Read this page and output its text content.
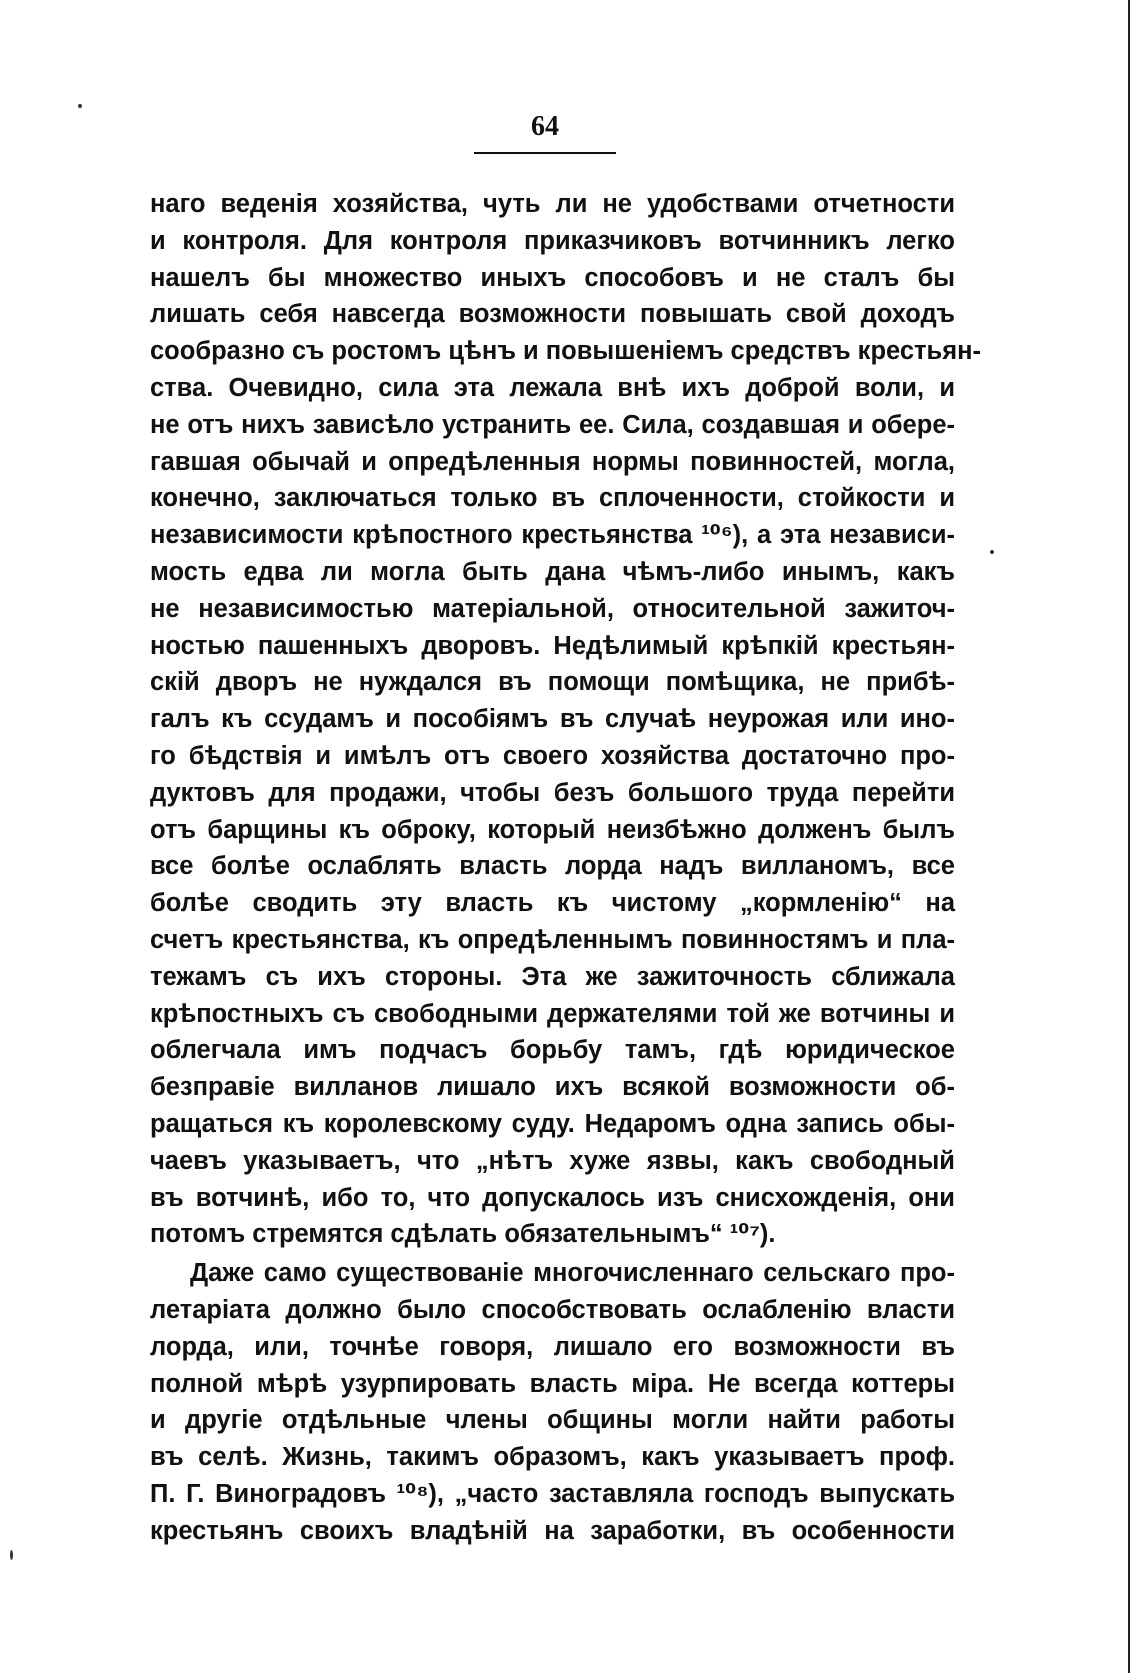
64
наго веденія хозяйства, чуть ли не удобствами отчетности
и контроля. Для контроля приказчиковъ вотчинникъ легко
нашелъ бы множество иныхъ способовъ и не сталъ бы
лишать себя навсегда возможности повышать свой доходъ
сообразно съ ростомъ цѣнъ и повышеніемъ средствъ крестьян-
ства. Очевидно, сила эта лежала внѣ ихъ доброй воли, и
не отъ нихъ зависѣло устранить ее. Сила, создавшая и обере-
гавшая обычай и опредѣленныя нормы повинностей, могла,
конечно, заключаться только въ сплоченности, стойкости и
независимости крѣпостного крестьянства ¹⁰⁶), а эта независи-
мость едва ли могла быть дана чѣмъ-либо инымъ, какъ
не независимостью матеріальной, относительной зажиточ-
ностью пашенныхъ дворовъ. Недѣлимый крѣпкій крестьян-
скій дворъ не нуждался въ помощи помѣщика, не прибѣ-
галъ къ ссудамъ и пособіямъ въ случаѣ неурожая или ино-
го бѣдствія и имѣлъ отъ своего хозяйства достаточно про-
дуктовъ для продажи, чтобы безъ большого труда перейти
отъ барщины къ оброку, который неизбѣжно долженъ былъ
все болѣе ослаблять власть лорда надъ вилланомъ, все
болѣе сводить эту власть къ чистому „кормленію“ на
счетъ крестьянства, къ опредѣленнымъ повинностямъ и пла-
тежамъ съ ихъ стороны. Эта же зажиточность сближала
крѣпостныхъ съ свободными держателями той же вотчины и
облегчала имъ подчасъ борьбу тамъ, гдѣ юридическое
безправіе вилланов лишало ихъ всякой возможности об-
ращаться къ королевскому суду. Недаромъ одна запись обы-
чаевъ указываетъ, что „нѣтъ хуже язвы, какъ свободный
въ вотчинѣ, ибо то, что допускалось изъ снисхожденія, они
потомъ стремятся сдѣлать обязательнымъ“ ¹⁰⁷).
Даже само существованіе многочисленнаго сельскаго про-
летаріата должно было способствовать ослабленію власти
лорда, или, точнѣе говоря, лишало его возможности въ
полной мѣрѣ узурпировать власть міра. Не всегда коттеры
и другіе отдѣльные члены общины могли найти работы
въ селѣ. Жизнь, такимъ образомъ, какъ указываетъ проф.
П. Г. Виноградовъ ¹⁰⁸), „часто заставляла господъ выпускать
крестьянъ своихъ владѣній на заработки, въ особенности
